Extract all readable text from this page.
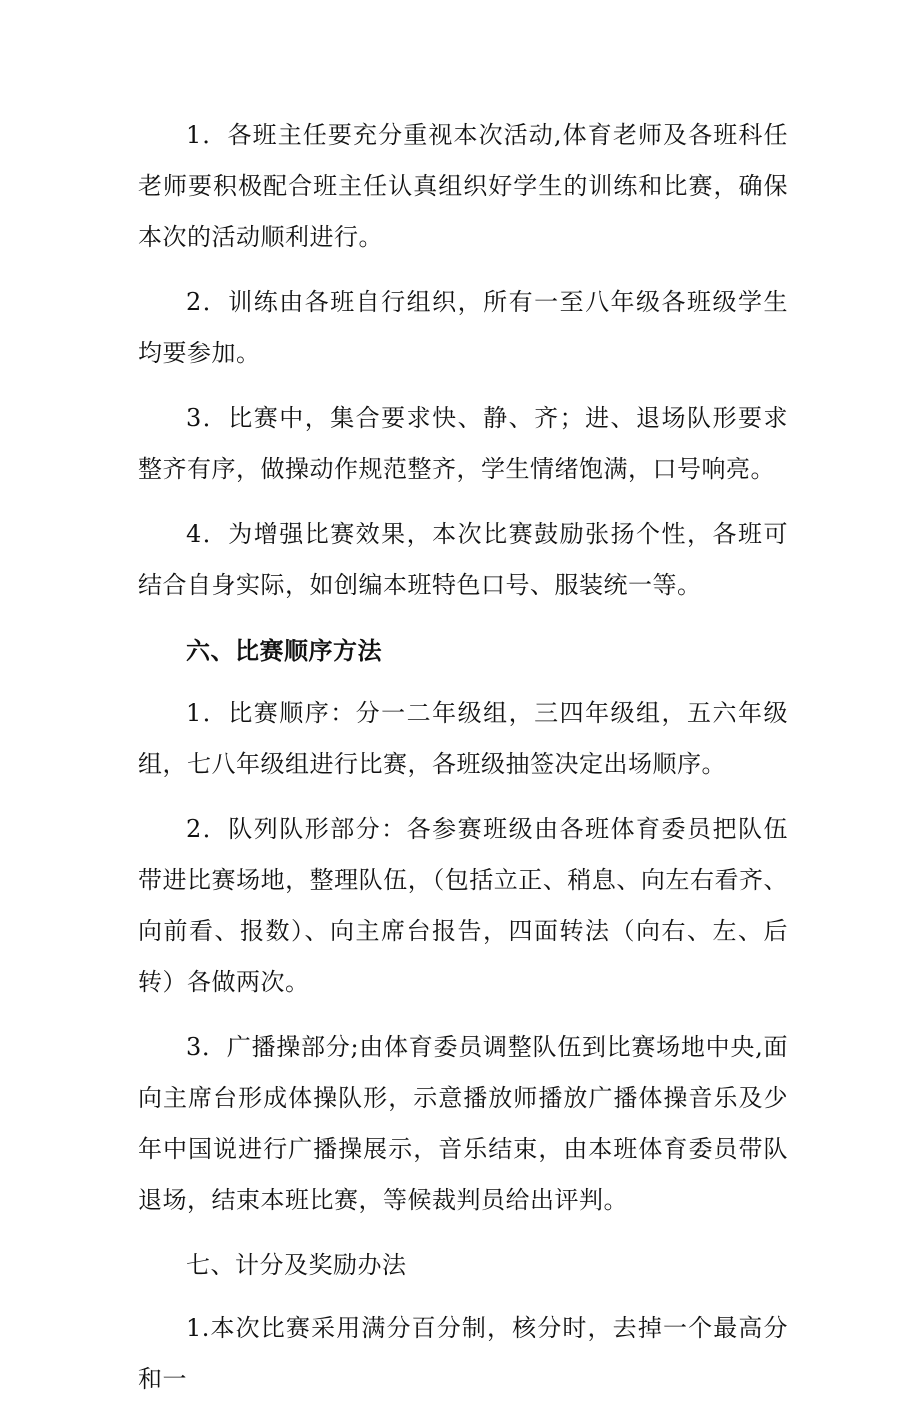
1．各班主任要充分重视本次活动,体育老师及各班科任老师要积极配合班主任认真组织好学生的训练和比赛，确保本次的活动顺利进行。

2．训练由各班自行组织，所有一至八年级各班级学生均要参加。

3．比赛中，集合要求快、静、齐；进、退场队形要求整齐有序，做操动作规范整齐，学生情绪饱满，口号响亮。

4．为增强比赛效果，本次比赛鼓励张扬个性，各班可结合自身实际，如创编本班特色口号、服装统一等。

六、比赛顺序方法

1．比赛顺序：分一二年级组，三四年级组，五六年级组，七八年级组进行比赛，各班级抽签决定出场顺序。

2．队列队形部分：各参赛班级由各班体育委员把队伍带进比赛场地，整理队伍，（包括立正、稍息、向左右看齐、向前看、报数）、向主席台报告，四面转法（向右、左、后转）各做两次。

3．广播操部分;由体育委员调整队伍到比赛场地中央,面向主席台形成体操队形，示意播放师播放广播体操音乐及少年中国说进行广播操展示，音乐结束，由本班体育委员带队退场，结束本班比赛，等候裁判员给出评判。

七、计分及奖励办法

1.本次比赛采用满分百分制，核分时，去掉一个最高分和一
